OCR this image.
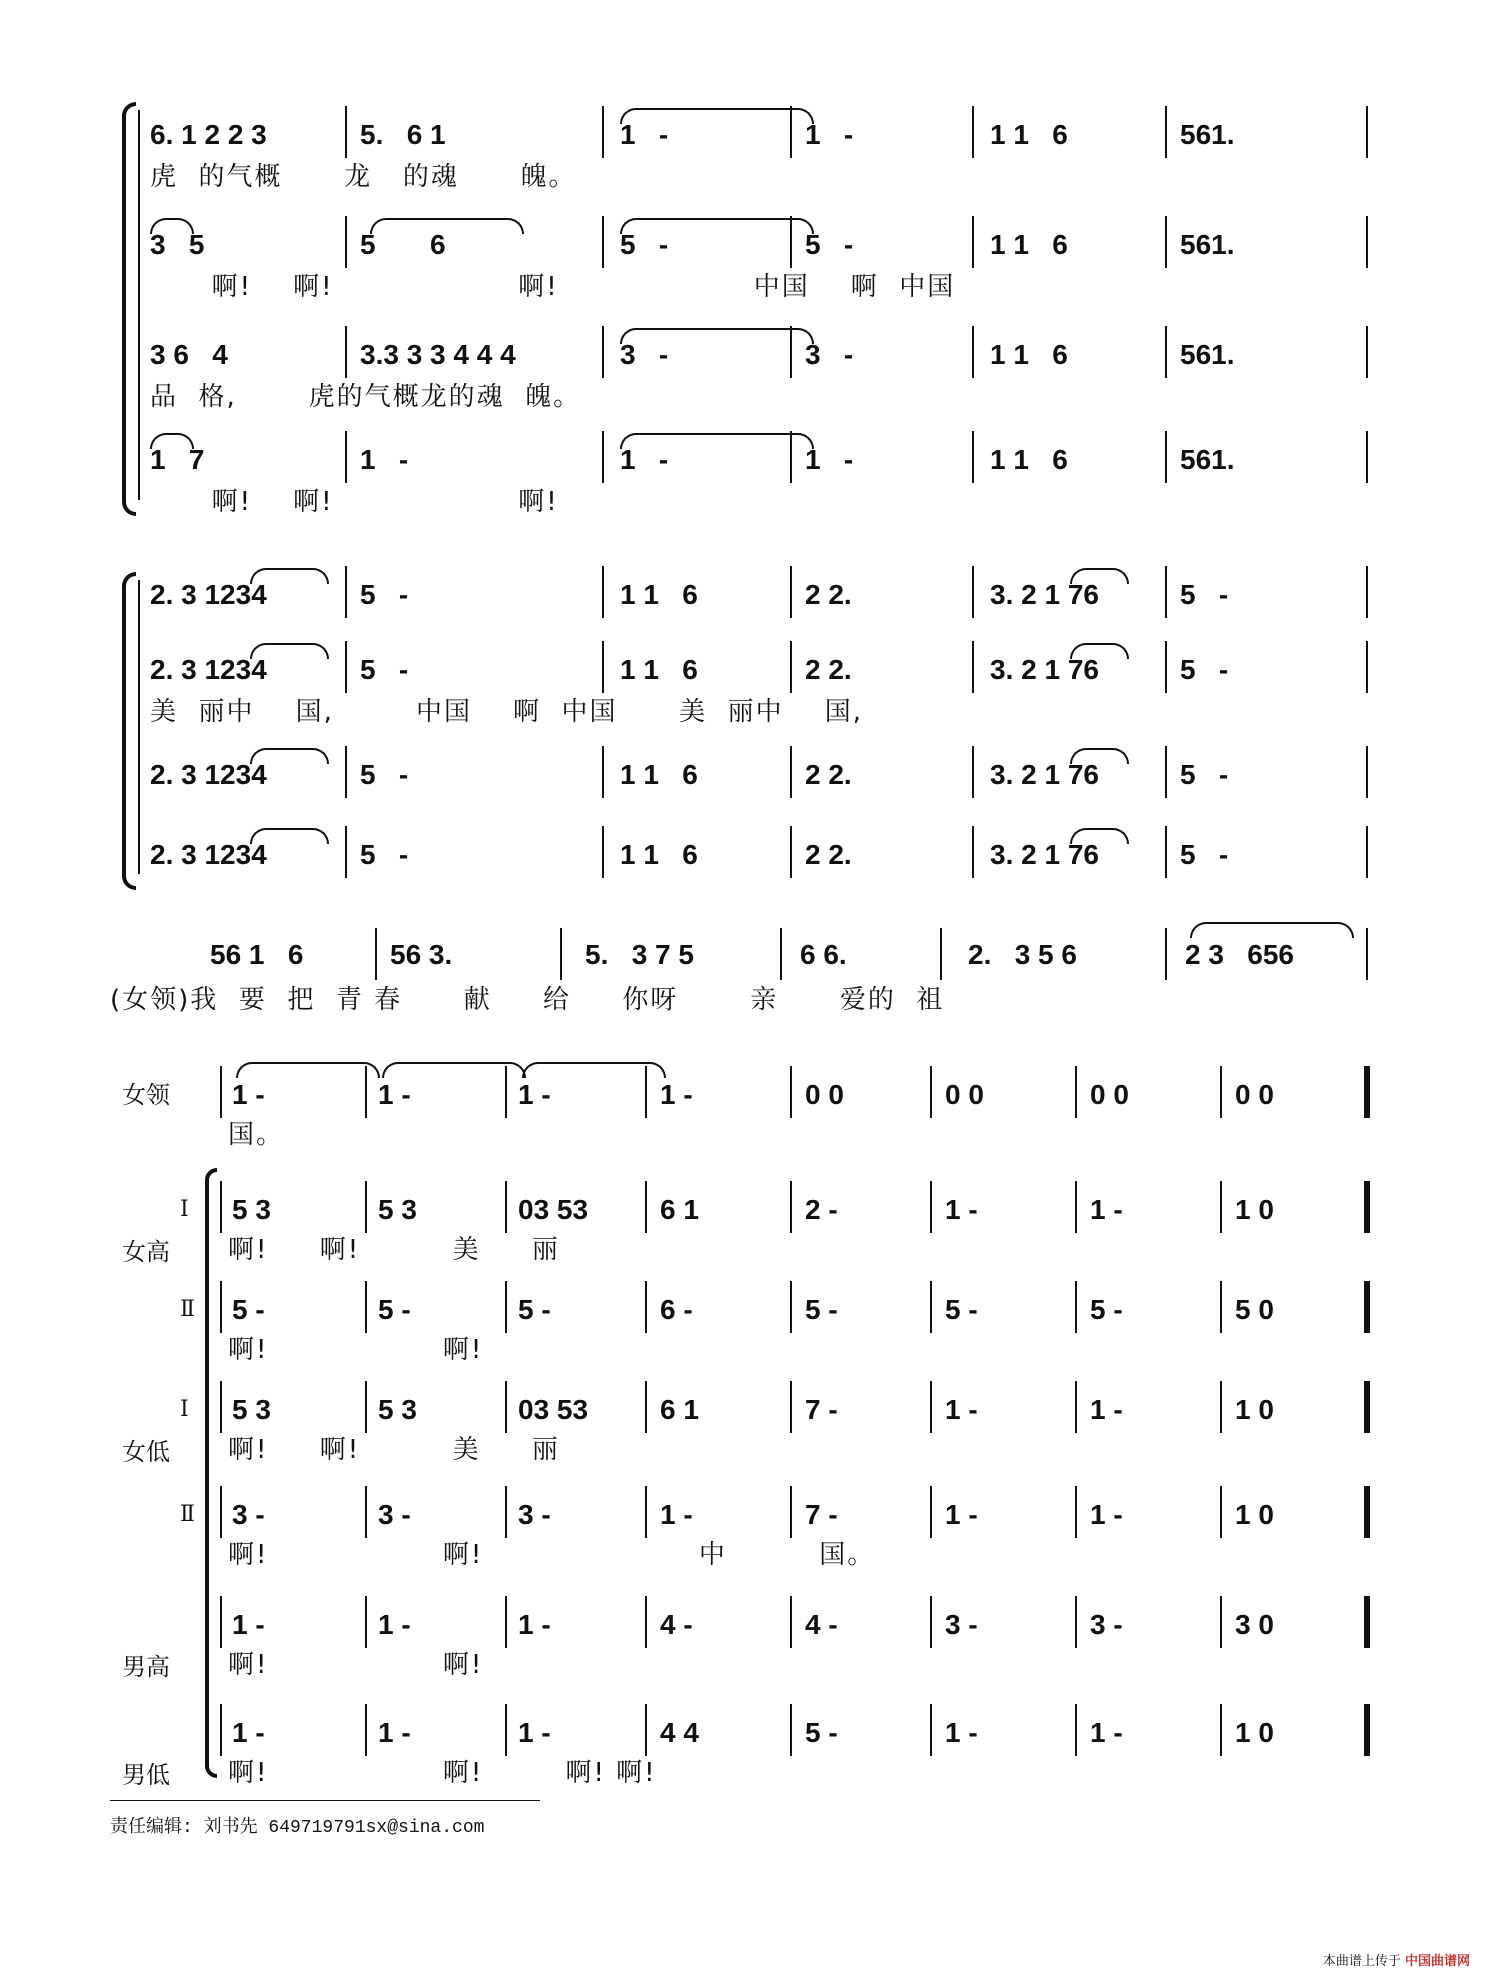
6. 1 2 2 3	5.   6 1	1   -	1   -	1 1   6	561.
虎  的气概      龙   的魂      魄。
3   5	5       6	5   -	5   -	1 1   6	561.
啊!    啊!                  啊!                   中国    啊  中国
3 6   4	3.3 3 3 4 4 4	3   -	3   -	1 1   6	561.
品  格,       虎的气概龙的魂  魄。
1   7	1   -	1   -	1   -	1 1   6	561.
啊!    啊!                  啊!
2. 3 1234	5   -	1 1   6	2 2.	3. 2 1 76	5   -
2. 3 1234	5   -	1 1   6	2 2.	3. 2 1 76	5   -
美  丽中    国,        中国    啊  中国      美  丽中    国,
2. 3 1234	5   -	1 1   6	2 2.	3. 2 1 76	5   -
2. 3 1234	5   -	1 1   6	2 2.	3. 2 1 76	5   -
56 1   6	56 3.	5.   3 7 5	6 6.	2.   3 5 6	2 3   656
(女领)我  要  把  青 春      献     给     你呀       亲      爱的  祖
女领 1 -	1 -	1 -	1 -	0 0	0 0	0 0	0 0
国。
女高
I 5 3	5 3	03 53	6 1	2 -	1 -	1 -	1 0
啊!     啊!         美     丽
Ⅱ 5 -	5 -	5 -	6 -	5 -	5 -	5 -	5 0
啊!                 啊!
女低
I 5 3	5 3	03 53	6 1	7 -	1 -	1 -	1 0
啊!     啊!         美     丽
Ⅱ 3 -	3 -	3 -	1 -	7 -	1 -	1 -	1 0
啊!                 啊!                     中         国。
男高
1 -	1 -	1 -	4 -	4 -	3 -	3 -	3 0
啊!                 啊!
男低
1 -	1 -	1 -	4 4	5 -	1 -	1 -	1 0
啊!                 啊!        啊! 啊!
责任编辑: 刘书先 649719791sx@sina.com
本曲谱上传于 中国曲谱网
